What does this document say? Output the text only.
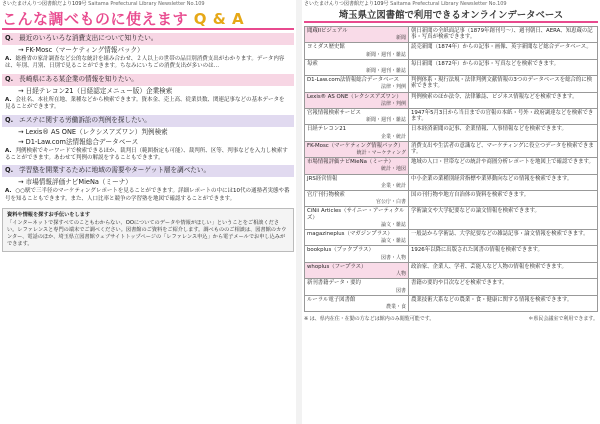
さいたまけんりつ図書館だより109号 Saitama Prefectural Library Newsletter No.109
こんな調べものに使えます Q & A
Q. 最近のいろいろな消費支出について知りたい。
→ FK-Mosc（マーケティング情報パック）
A. 総務省の家計調査など公的な統計を組み合わせ、２人以上の世帯の品目別消費支出がわかります。データ内容は、年別、月別、日別で見ることができます。ちなみにいちごの消費支出が多いのは…
Q. 長崎県にある某企業の情報を知りたい。
→ 日経テレコン21（日経認定メニュー版）企業検索
A. 会社名、本社所在地、業種などから検索できます。資本金、売上高、従業員数、関連記事などの基本データを見ることができます。
Q. エステに関する労働訴訟の判例を探したい。
→ Lexis® AS ONE（レクシスアズワン）判例検索
→ D1-Law.com法情報総合データベース
A. 判例検索でキーワードで検索できるほか、裁判日（範囲指定も可能）、裁判所、区等、判事などを入力し検索することができます。あわせて判例の解説をすることもできます。
Q. 学習塾を開業するために地域の需要やターゲット層を調べたい。
→ 市場情報評価ナビMieNa（ミーナ）
A. ○○駅で三半径のマーケティングレポートを見ることができます。詳細レポートの中には10代の通塾者実態や番号を知ることもできます。また、人口比率と競争の学習塾を地図で確認することができます。
資料や情報を探すお手伝いをします
「インターネットで探すべてのこともわからない、OOについてのデータや情報がほしい」ということをご相談ください。レファレンスと専門の端末でご調べください。図書館のご資料をご紹介します。調べもののご相談は、図書館のカウンター、電話のほか、埼玉県立図書館ウェブサイトトップページの「レファレンス申込」から電子メールでお申し込みができます。
さいたまけんりつ図書館だより109号 Saitama Prefectural Library Newsletter No.109
埼玉県立図書館で利用できるオンラインデータベース
聞蔵IIビジュアル
新聞	朝日新聞の全紙面記事（1879年創刊号〜）、週刊朝日、AERA、知恵蔵の記事・写真が検索できます。

ヨミダス歴史館
新聞・週刊・雑誌	読売新聞（1874年）からの記事・画像、英字新聞など総合データベース。

毎索
新聞・週刊・雑誌	毎日新聞（1872年）からの記事・写真などを検索できます。

D1-Law.com法情報総合データベース
法律・判例	判例体系・現行法規・法律判例文献情報の3つのデータベースを総合的に検索できます。

Lexis® AS ONE（レクシスアズワン）
法律・判例	判例検索のほか法令、法律雑誌、ビジネス情報などを検索できます。

官報情報検索サービス
新聞・週刊・雑誌	1947年5月3日から当日までの官報の本紙・号外・政府調達などを検索できます。

日経テレコン21
企業・統計	日本経済新聞の記事、企業情報、人事情報などを検索できます。

FK-Mosc（マーケティング情報パック）
統計・マーケティング	消費支出や生活者の意識など、マーケティングに役立つデータを検索できます。

市場情報評価ナビMieNa（ミーナ）
統計・地図	地域の人口・世帯などの統計や商圏分析レポートを地図上で確認できます。

JRS経営情報
企業・統計	中小企業の業種別経営指標や業界動向などの情報を検索できます。

官庁刊行物検索
官公庁・白書	国の刊行物や地方自治体の資料を検索できます。

CiNii Articles（サイニー・アーティクルズ）
論文・雑誌	学術論文や大学紀要などの論文情報を検索できます。

magazineplus（マガジンプラス）
論文・雑誌	一般誌から学術誌、大学紀要などの雑誌記事・論文情報を検索できます。

bookplus（ブックプラス）
図書・人物	1926年以降に出版された図書の情報を検索できます。

whoplus（フープラス）
人物	政治家、企業人、学者、芸能人など人物の情報を検索できます。

新刊書籍データ・要約
図書	書籍の要約や目次などを検索できます。

ルーラル電子図書館
農業・食	農業技術大系などの農業・食・健康に関する情報を検索できます。
※ は、県内在住・在勤の方などは館内のみ閲覧可能です。	＊県民会議室で利用できます。
